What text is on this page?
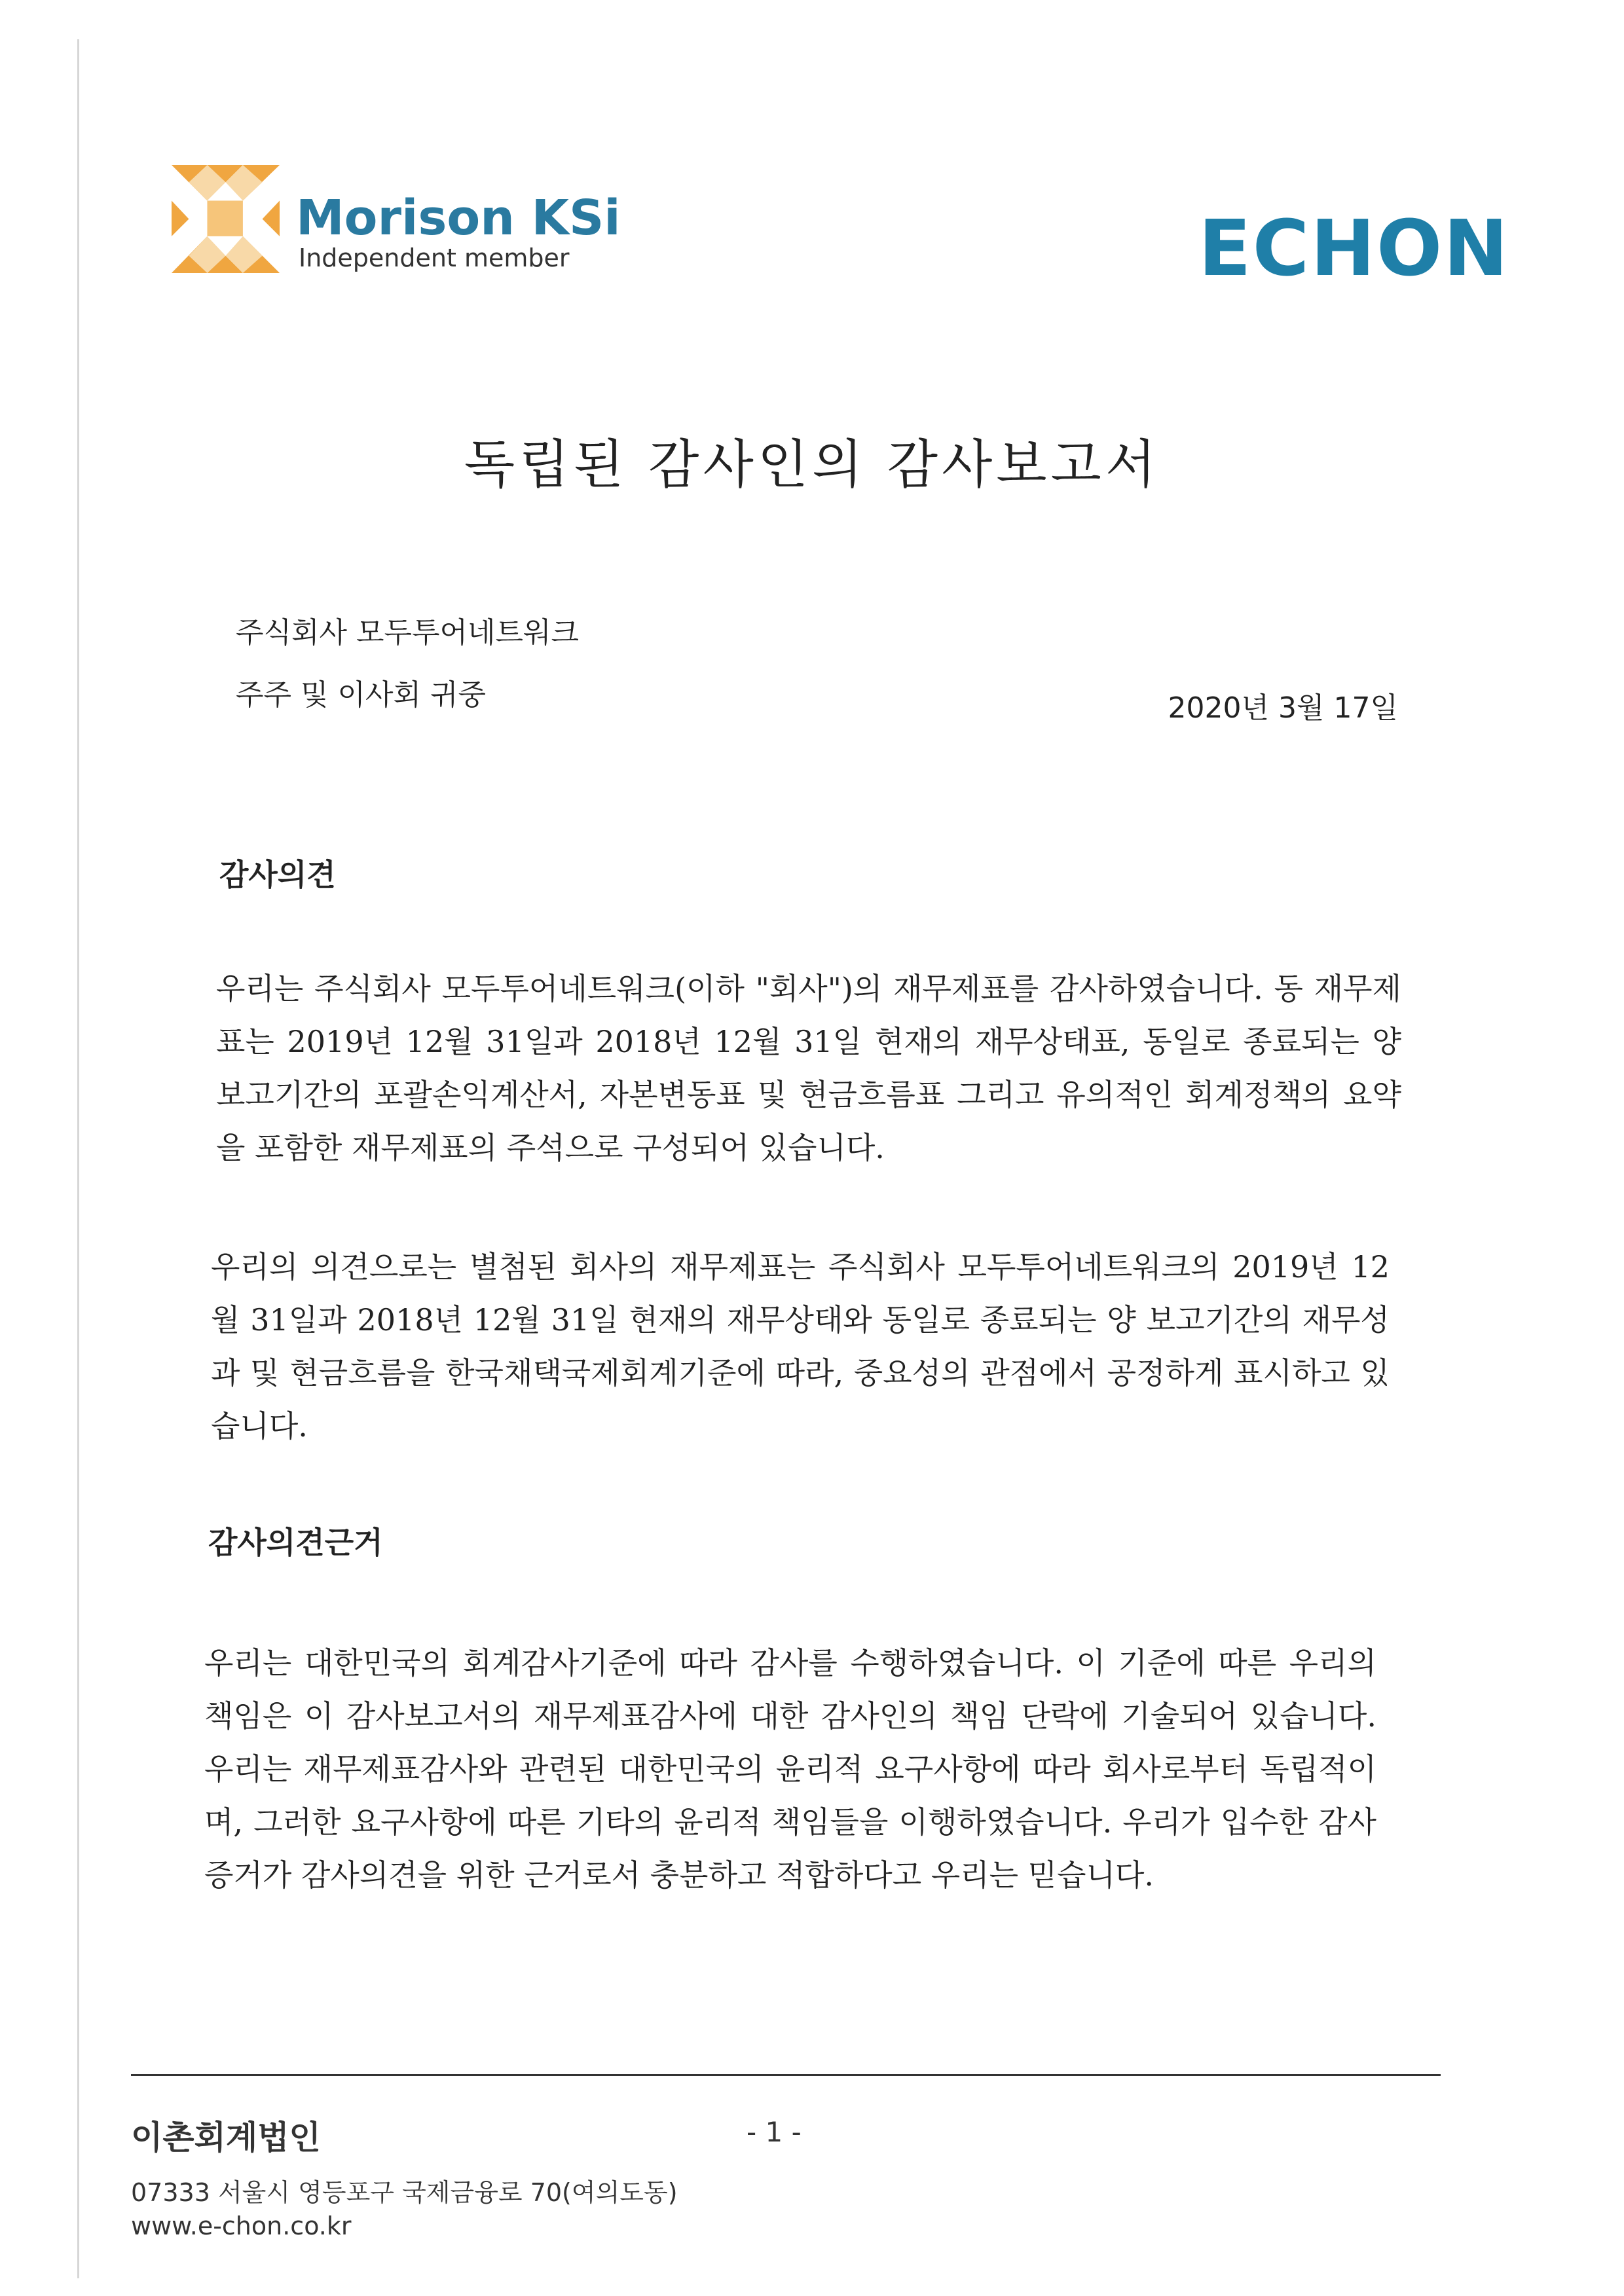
Morison KSi
Independent member	ECHON
독립된 감사인의 감사보고서
주식회사 모두투어네트워크
주주 및 이사회 귀중	2020년 3월 17일
감사의견

우리는 주식회사 모두투어네트워크(이하 "회사")의 재무제표를 감사하였습니다. 동 재무제표는 2019년 12월 31일과 2018년 12월 31일 현재의 재무상태표, 동일로 종료되는 양 보고기간의 포괄손익계산서, 자본변동표 및 현금흐름표 그리고 유의적인 회계정책의 요약을 포함한 재무제표의 주석으로 구성되어 있습니다.

우리의 의견으로는 별첨된 회사의 재무제표는 주식회사 모두투어네트워크의 2019년 12월 31일과 2018년 12월 31일 현재의 재무상태와 동일로 종료되는 양 보고기간의 재무성과 및 현금흐름을 한국채택국제회계기준에 따라, 중요성의 관점에서 공정하게 표시하고 있습니다.

감사의견근거

우리는 대한민국의 회계감사기준에 따라 감사를 수행하였습니다. 이 기준에 따른 우리의 책임은 이 감사보고서의 재무제표감사에 대한 감사인의 책임 단락에 기술되어 있습니다. 우리는 재무제표감사와 관련된 대한민국의 윤리적 요구사항에 따라 회사로부터 독립적이며, 그러한 요구사항에 따른 기타의 윤리적 책임들을 이행하였습니다. 우리가 입수한 감사증거가 감사의견을 위한 근거로서 충분하고 적합하다고 우리는 믿습니다.

이촌회계법인	- 1 -
07333 서울시 영등포구 국제금융로 70(여의도동)
www.e-chon.co.kr
